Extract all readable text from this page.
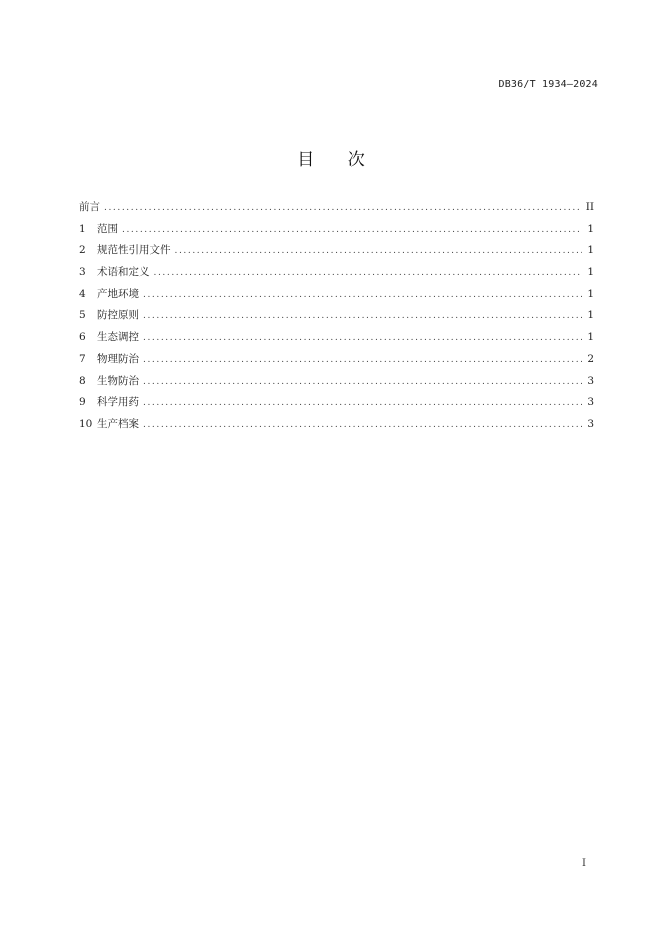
DB36/T 1934—2024
目 次
前言 .....	II
1	范围 .....	1
2	规范性引用文件 .....	1
3	术语和定义 .....	1
4	产地环境 .....	1
5	防控原则 .....	1
6	生态调控 .....	1
7	物理防治 .....	2
8	生物防治 .....	3
9	科学用药 .....	3
10 生产档案 .....	3
I
